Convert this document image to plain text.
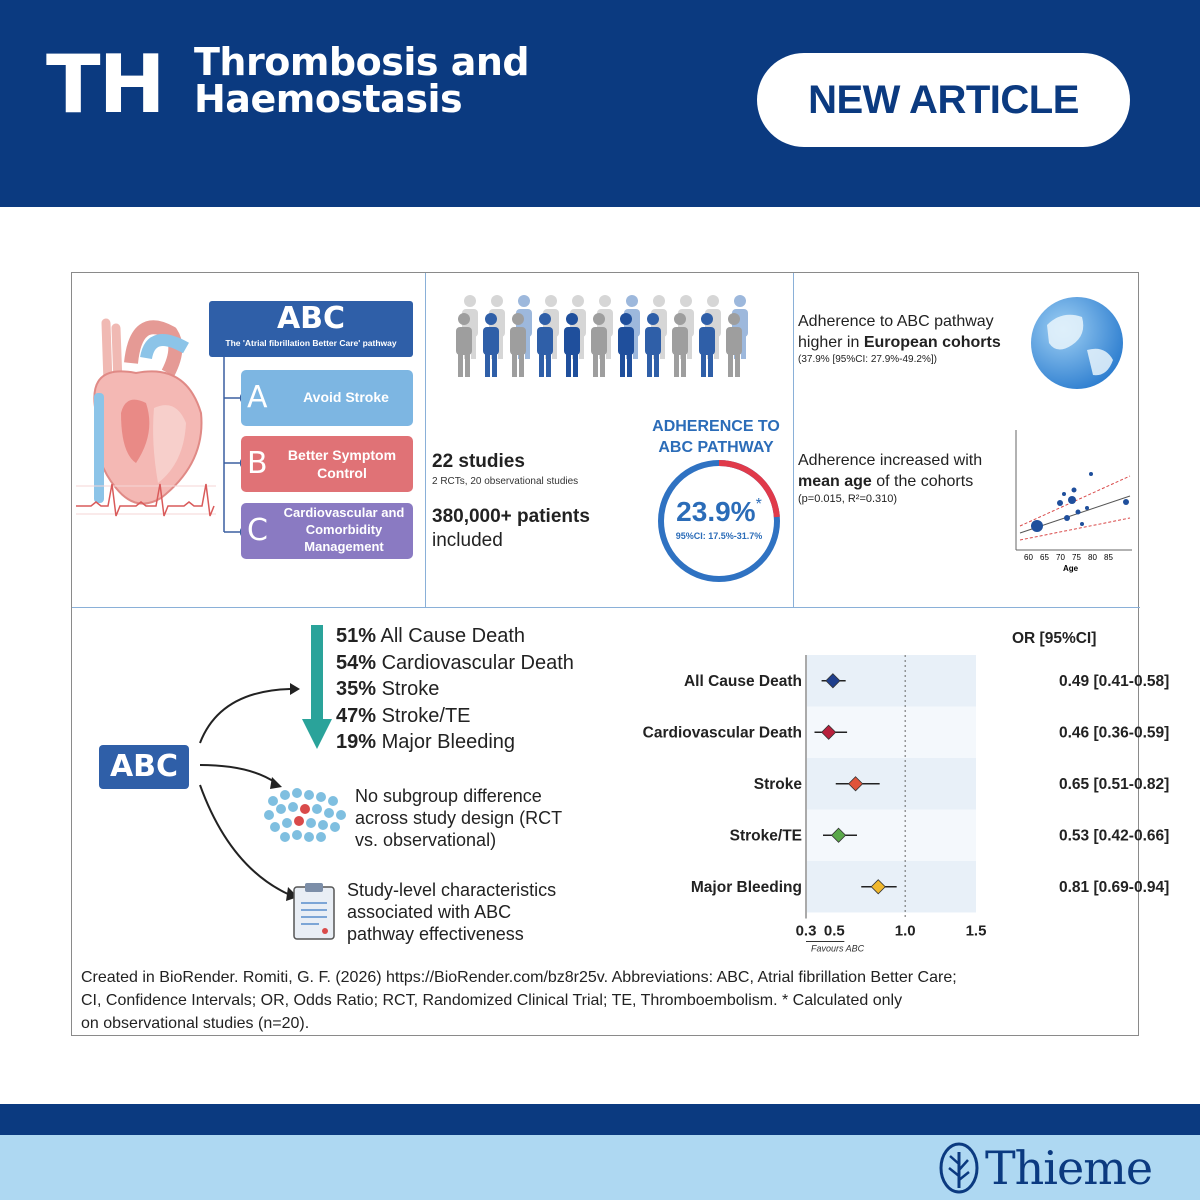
TH Thrombosis and
Haemostasis	NEW ARTICLE
ABC
The 'Atrial fibrillation Better Care' pathway
A	Avoid Stroke
B Better Symptom Control
C
Cardiovascular and Comorbidity Management
22 studies
2 RCTs, 20 observational studies
380,000+ patients
included
ADHERENCE TO
ABC PATHWAY
23.9%*
95%CI: 17.5%-31.7%
Adherence to ABC pathway
higher in European cohorts
(37.9% [95%CI: 27.9%-49.2%])
Adherence increased with
mean age of the cohorts
(p=0.015, R²=0.310)
60 65 70 75 80 85
Age
51% All Cause Death
54% Cardiovascular Death
35% Stroke
47% Stroke/TE
19% Major Bleeding
ABC
No subgroup difference
across study design (RCT
vs. observational)
Study-level characteristics
associated with ABC
pathway effectiveness
OR [95%CI]
All Cause Death	0.49 [0.41-0.58]
Cardiovascular Death	0.46 [0.36-0.59]
Stroke	0.65 [0.51-0.82]
Stroke/TE	0.53 [0.42-0.66]
Major Bleeding	0.81 [0.69-0.94]
0.3 0.5	1.0	1.5
Favours ABC
Created in BioRender. Romiti, G. F. (2026) https://BioRender.com/bz8r25v. Abbreviations: ABC, Atrial fibrillation Better Care;
CI, Confidence Intervals; OR, Odds Ratio; RCT, Randomized Clinical Trial; TE, Thromboembolism. * Calculated only
on observational studies (n=20).
Thieme
